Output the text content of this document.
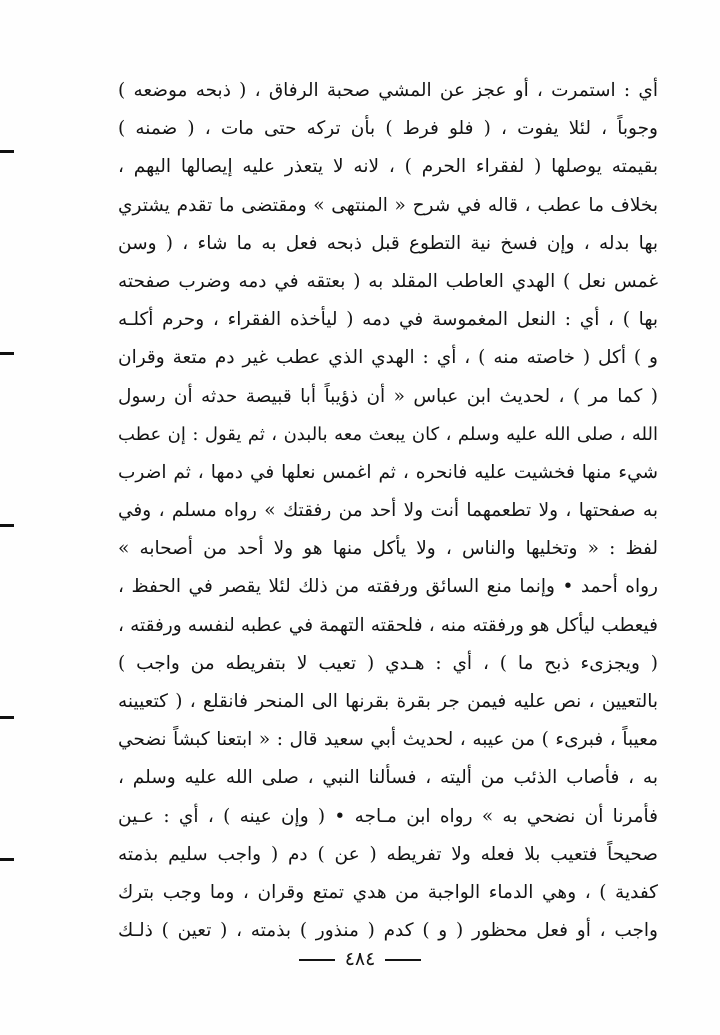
أي : استمرت ، أو عجز عن المشي صحبة الرفاق ، ( ذبحه موضعه )
وجوباً ، لئلا يفوت ، ( فلو فرط ) بأن تركه حتى مات ، ( ضمنه )
بقيمته يوصلها ( لفقراء الحرم ) ، لانه لا يتعذر عليه إيصالها اليهم ،
بخلاف ما عطب ، قاله في شرح « المنتهى » ومقتضى ما تقدم يشتري
بها بدله ، وإن فسخ نية التطوع قبل ذبحه فعل به ما شاء ، ( وسن
غمس نعل ) الهدي العاطب المقلد به ( بعتقه في دمه وضرب صفحته
بها ) ، أي : النعل المغموسة في دمه ( ليأخذه الفقراء ، وحرم أكلـه
و ) أكل ( خاصته منه ) ، أي : الهدي الذي عطب غير دم متعة وقران
( كما مر ) ، لحديث ابن عباس « أن ذؤيباً أبا قبيصة حدثه أن رسول
الله ، صلى الله عليه وسلم ، كان يبعث معه بالبدن ، ثم يقول : إن عطب
شيء منها فخشيت عليه فانحره ، ثم اغمس نعلها في دمها ، ثم اضرب
به صفحتها ، ولا تطعمهما أنت ولا أحد من رفقتك » رواه مسلم ، وفي
لفظ : « وتخليها والناس ، ولا يأكل منها هو ولا أحد من أصحابه »
رواه أحمد • وإنما منع السائق ورفقته من ذلك لئلا يقصر في الحفظ ،
فيعطب ليأكل هو ورفقته منه ، فلحقته التهمة في عطبه لنفسه ورفقته ،
( ويجزىء ذبح ما ) ، أي : هـدي ( تعيب لا بتفريطه من واجب )
بالتعيين ، نص عليه فيمن جر بقرة بقرنها الى المنحر فانقلع ، ( كتعيينه
معيباً ، فبرىء ) من عيبه ، لحديث أبي سعيد قال : « ابتعنا كبشاً نضحي
به ، فأصاب الذئب من أليته ، فسألنا النبي ، صلى الله عليه وسلم ،
فأمرنا أن نضحي به » رواه ابن مـاجه • ( وإن عينه ) ، أي : عـين
صحيحاً فتعيب بلا فعله ولا تفريطه ( عن ) دم ( واجب سليم بذمته
كفدية ) ، وهي الدماء الواجبة من هدي تمتع وقران ، وما وجب بترك
واجب ، أو فعل محظور ( و ) كدم ( منذور ) بذمته ، ( تعين ) ذلـك
٤٨٤
